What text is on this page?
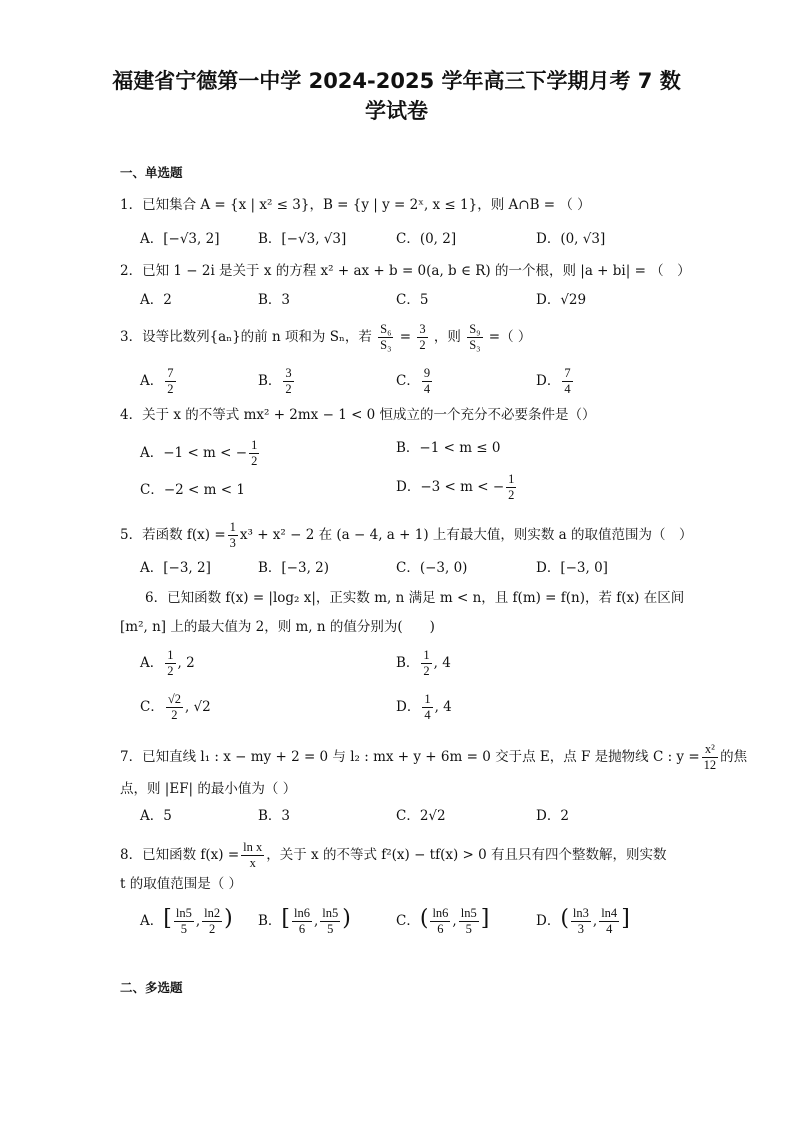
福建省宁德第一中学 2024-2025 学年高三下学期月考 7 数
学试卷
一、单选题
1．已知集合 A = {x | x² ≤ 3}，B = {y | y = 2ˣ, x ≤ 1}，则 A∩B = （ ）
A．[−√3, 2]	B．[−√3, √3]	C．(0, 2]	D．(0, √3]
2．已知 1 − 2i 是关于 x 的方程 x² + ax + b = 0(a, b ∈ R) 的一个根，则 |a + bi| = （　）
A．2	B．3	C．5	D．√29
3．设等比数列{aₙ}的前 n 项和为 Sₙ，若 $\frac{\text{S₆}}{\text{S₃}} = \frac{3}{2}$ ，则 $\frac{\text{S₉}}{\text{S₃}}$ =（ ）
A． $\frac{7}{2}$	B． $\frac{3}{2}$	C． $\frac{9}{4}$	D． $\frac{7}{4}$
4．关于 x 的不等式 mx² + 2mx − 1 < 0 恒成立的一个充分不必要条件是（）
A．−1 < m < − $\frac{1}{2}$	B．−1 < m ≤ 0
C．−2 < m < 1	D．−3 < m < − $\frac{1}{2}$
5．若函数 $f(x) = \frac{1}{3} x^3 + x^2 - 2$ 在 (a − 4, a + 1) 上有最大值，则实数 a 的取值范围为（　）
A．[−3, 2]	B．[−3, 2)	C．(−3, 0)	D．[−3, 0]
6．已知函数 f(x) = |log₂ x|，正实数 m, n 满足 m < n，且 f(m) = f(n)，若 f(x) 在区间
[m², n] 上的最大值为 2，则 m, n 的值分别为(　　)
A． $\frac{1}{2}$ , 2	B． $\frac{1}{2}$ , 4
C． $\frac{√2}{2}$ , √2	D． $\frac{1}{4}$ , 4
7．已知直线 l₁ : x − my + 2 = 0 与 l₂ : mx + y + 6m = 0 交于点 E，点 F 是抛物线 C : $y = \frac{\text{x²}}{12}$ 的焦
点，则 |EF| 的最小值为（ ）
A．5	B．3	C．2√2	D．2
8．已知函数 $f(x) = \frac{\text{ln x}}{x}$ ，关于 x 的不等式 f²(x) − tf(x) > 0 有且只有四个整数解，则实数
t 的取值范围是（ ）
A．[ $\frac{\ln 5}{5}$ , $\frac{\ln 2}{2}$ ) B．[ $\frac{\ln 6}{6}$ , $\frac{\ln 5}{5}$ )	C．( $\frac{\ln 6}{6}$ , $\frac{\ln 5}{5}$ ]	D．( $\frac{\ln 3}{3}$ , $\frac{\ln 4}{4}$ ]
二、多选题
